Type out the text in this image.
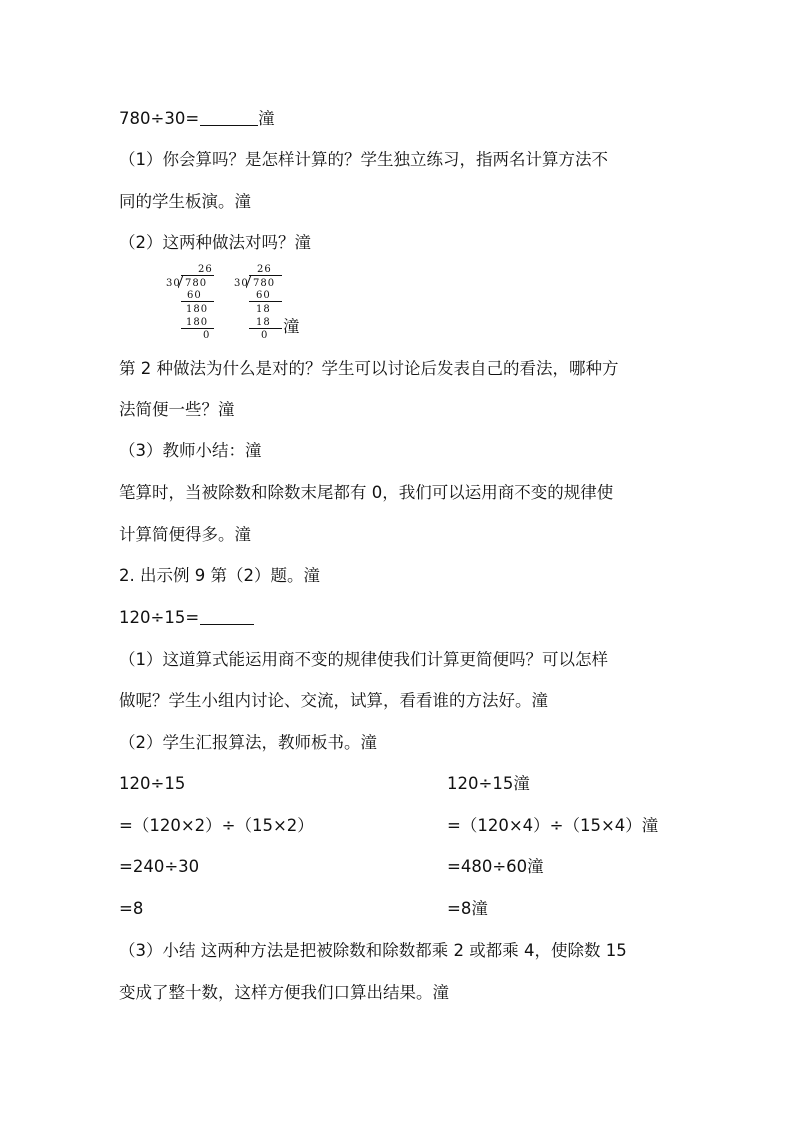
780÷30=	潼
（1）你会算吗？是怎样计算的？学生独立练习，指两名计算方法不
同的学生板演。潼
（2）这两种做法对吗？潼
26
30 780
60
180
180
0
26
30 780
60
18
18
0 潼
第 2 种做法为什么是对的？学生可以讨论后发表自己的看法，哪种方
法简便一些？潼
（3）教师小结：潼
笔算时，当被除数和除数末尾都有 0，我们可以运用商不变的规律使
计算简便得多。潼
2. 出示例 9 第（2）题。潼
120÷15=
（1）这道算式能运用商不变的规律使我们计算更简便吗？可以怎样
做呢？学生小组内讨论、交流，试算，看看谁的方法好。潼
（2）学生汇报算法，教师板书。潼
120÷15	120÷15潼
=（120×2）÷（15×2）	=（120×4）÷（15×4）潼
=240÷30	=480÷60潼
=8	=8潼
（3）小结 这两种方法是把被除数和除数都乘 2 或都乘 4，使除数 15
变成了整十数，这样方便我们口算出结果。潼
